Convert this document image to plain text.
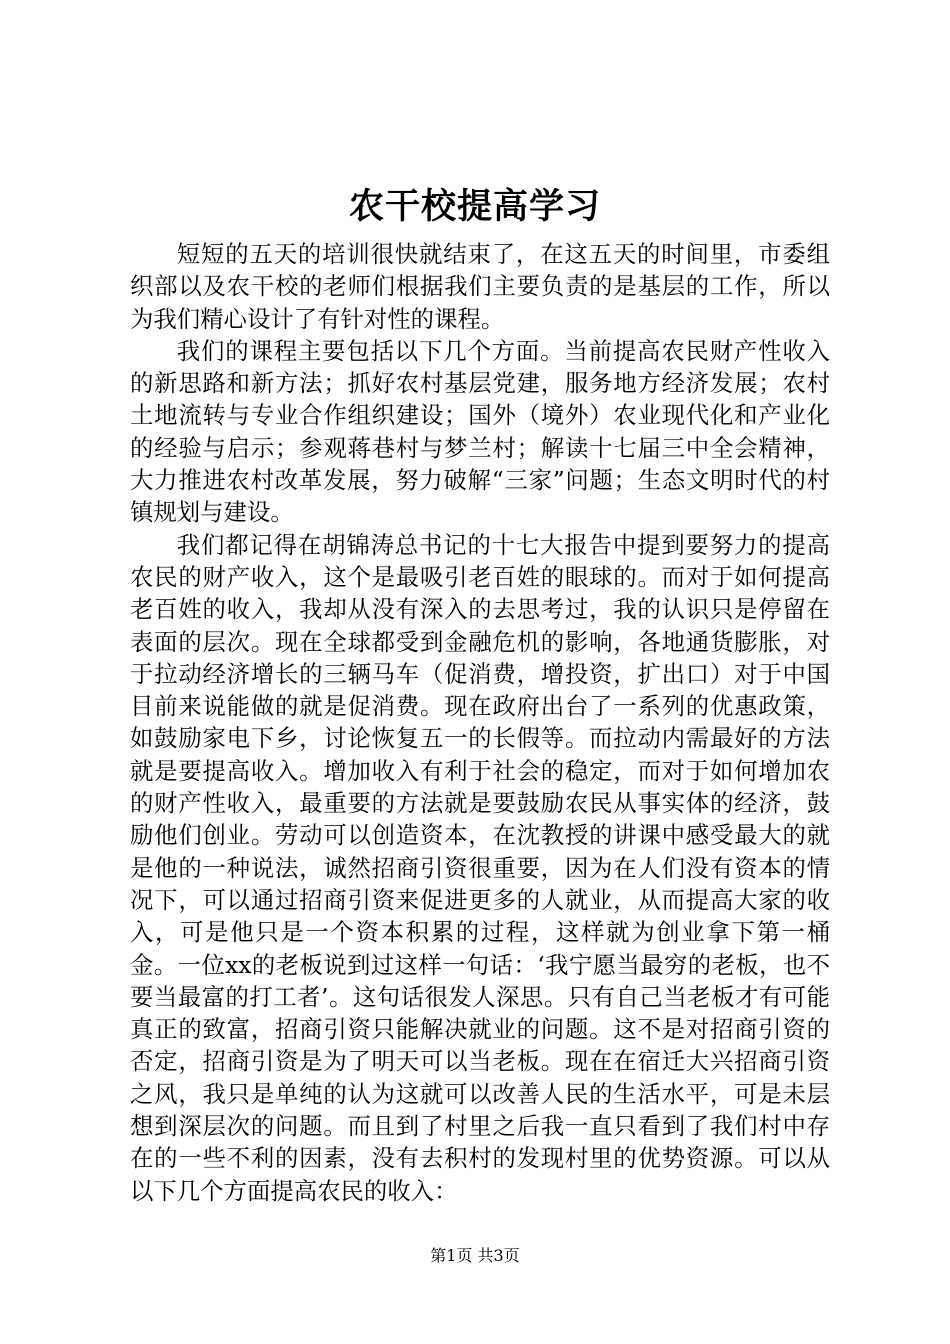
农干校提高学习

短短的五天的培训很快就结束了，在这五天的时间里，市委组织部以及农干校的老师们根据我们主要负责的是基层的工作，所以为我们精心设计了有针对性的课程。

我们的课程主要包括以下几个方面。当前提高农民财产性收入的新思路和新方法；抓好农村基层党建，服务地方经济发展；农村土地流转与专业合作组织建设；国外（境外）农业现代化和产业化的经验与启示；参观蒋巷村与梦兰村；解读十七届三中全会精神，大力推进农村改革发展，努力破解“三家”问题；生态文明时代的村镇规划与建设。

我们都记得在胡锦涛总书记的十七大报告中提到要努力的提高农民的财产收入，这个是最吸引老百姓的眼球的。而对于如何提高老百姓的收入，我却从没有深入的去思考过，我的认识只是停留在表面的层次。现在全球都受到金融危机的影响，各地通货膨胀，对于拉动经济增长的三辆马车（促消费，增投资，扩出口）对于中国目前来说能做的就是促消费。现在政府出台了一系列的优惠政策，如鼓励家电下乡，讨论恢复五一的长假等。而拉动内需最好的方法就是要提高收入。增加收入有利于社会的稳定，而对于如何增加农的财产性收入，最重要的方法就是要鼓励农民从事实体的经济，鼓励他们创业。劳动可以创造资本，在沈教授的讲课中感受最大的就是他的一种说法，诚然招商引资很重要，因为在人们没有资本的情况下，可以通过招商引资来促进更多的人就业，从而提高大家的收入，可是他只是一个资本积累的过程，这样就为创业拿下第一桶金。一位xx的老板说到过这样一句话：‘我宁愿当最穷的老板，也不要当最富的打工者’。这句话很发人深思。只有自己当老板才有可能真正的致富，招商引资只能解决就业的问题。这不是对招商引资的否定，招商引资是为了明天可以当老板。现在在宿迁大兴招商引资之风，我只是单纯的认为这就可以改善人民的生活水平，可是未层想到深层次的问题。而且到了村里之后我一直只看到了我们村中存在的一些不利的因素，没有去积村的发现村里的优势资源。可以从以下几个方面提高农民的收入：

第1页 共3页
